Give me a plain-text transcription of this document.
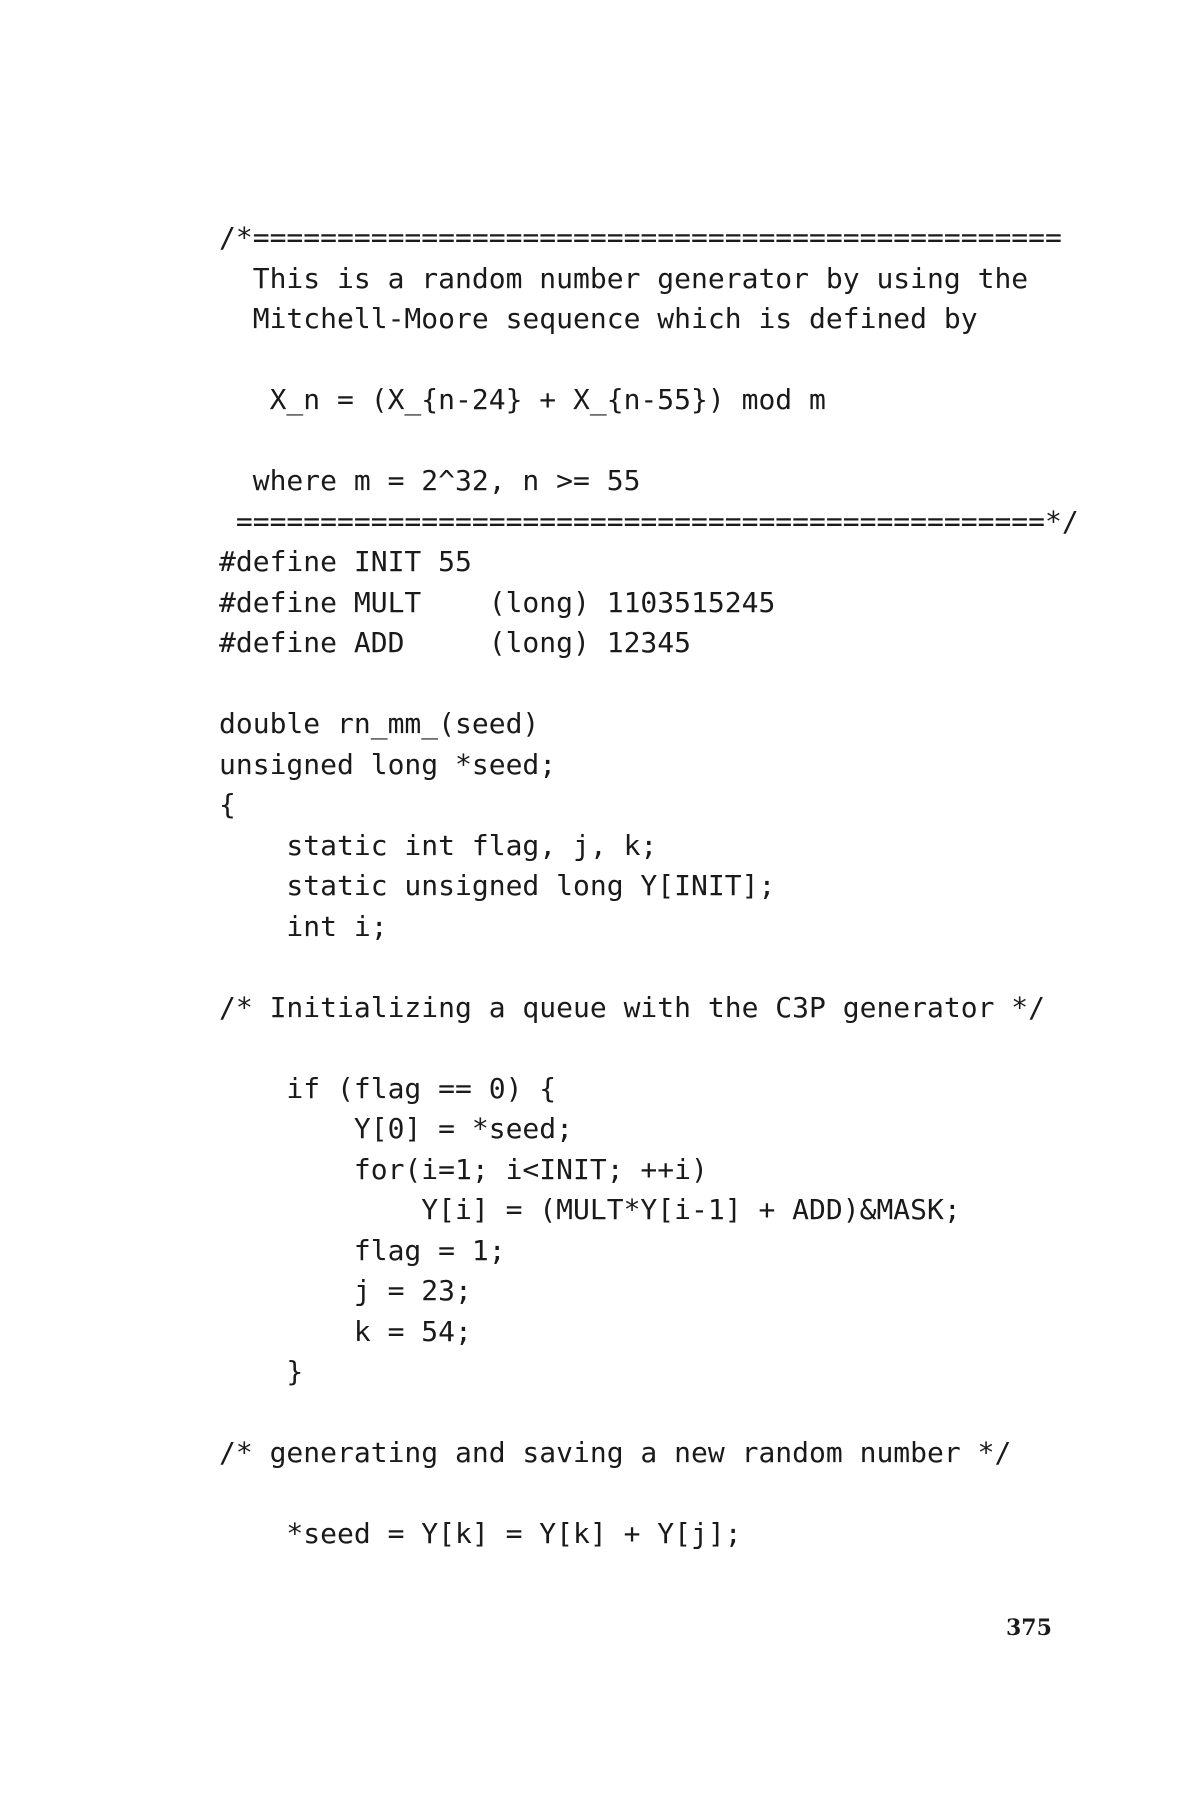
/*================================================
This is a random number generator by using the
Mitchell-Moore sequence which is defined by
X_n = (X_{n-24} + X_{n-55}) mod m
where m = 2^32, n >= 55
================================================*/
#define INIT 55
#define MULT    (long) 1103515245
#define ADD     (long) 12345
double rn_mm_(seed)
unsigned long *seed;
{
static int flag, j, k;
static unsigned long Y[INIT];
int i;
/* Initializing a queue with the C3P generator */
if (flag == 0) {
Y[0] = *seed;
for(i=1; i<INIT; ++i)
Y[i] = (MULT*Y[i-1] + ADD)&MASK;
flag = 1;
j = 23;
k = 54;
}
/* generating and saving a new random number */
*seed = Y[k] = Y[k] + Y[j];
375
